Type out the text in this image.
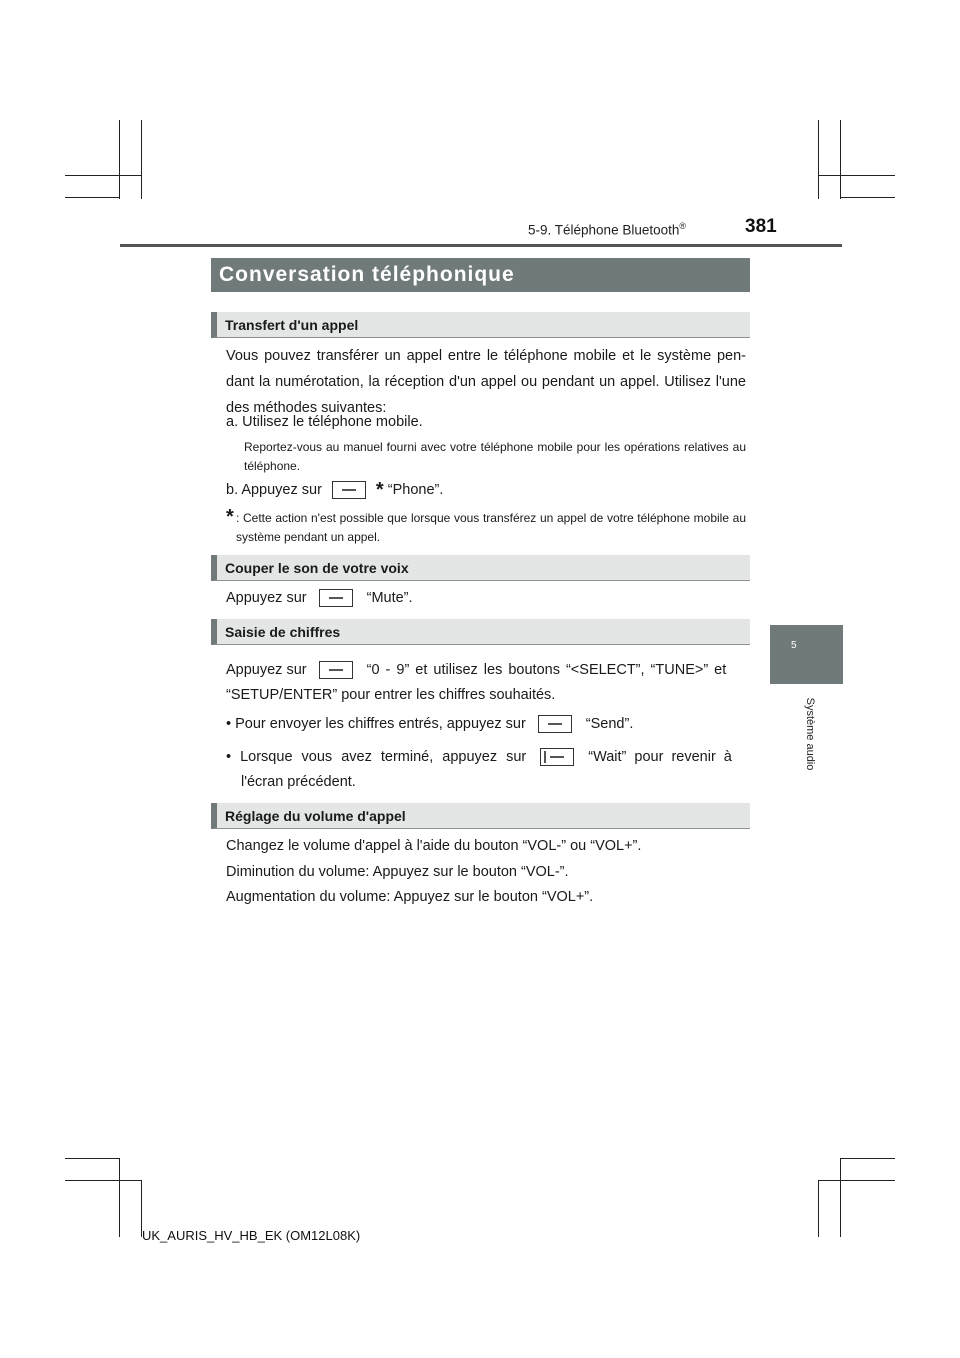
5-9. Téléphone Bluetooth®	381
Conversation téléphonique
Transfert d'un appel
Vous pouvez transférer un appel entre le téléphone mobile et le système pen- dant la numérotation, la réception d'un appel ou pendant un appel. Utilisez l'une des méthodes suivantes:
a. Utilisez le téléphone mobile.
Reportez-vous au manuel fourni avec votre téléphone mobile pour les opérations relatives au téléphone.
b. Appuyez sur	* “Phone”.
* : Cette action n'est possible que lorsque vous transférez un appel de votre téléphone mobile au système pendant un appel.
Couper le son de votre voix
Appuyez sur	“Mute”.
Saisie de chiffres
Appuyez sur	“0 - 9” et utilisez les boutons “<SELECT”, “TUNE>” et
“SETUP/ENTER” pour entrer les chiffres souhaités.
• Pour envoyer les chiffres entrés, appuyez sur	“Send”.
• Lorsque vous avez terminé, appuyez sur	“Wait” pour revenir à
l'écran précédent.
Réglage du volume d'appel
Changez le volume d'appel à l'aide du bouton “VOL-” ou “VOL+”.
Diminution du volume: Appuyez sur le bouton “VOL-”.
Augmentation du volume: Appuyez sur le bouton “VOL+”.
5
Système audio
UK_AURIS_HV_HB_EK (OM12L08K)
